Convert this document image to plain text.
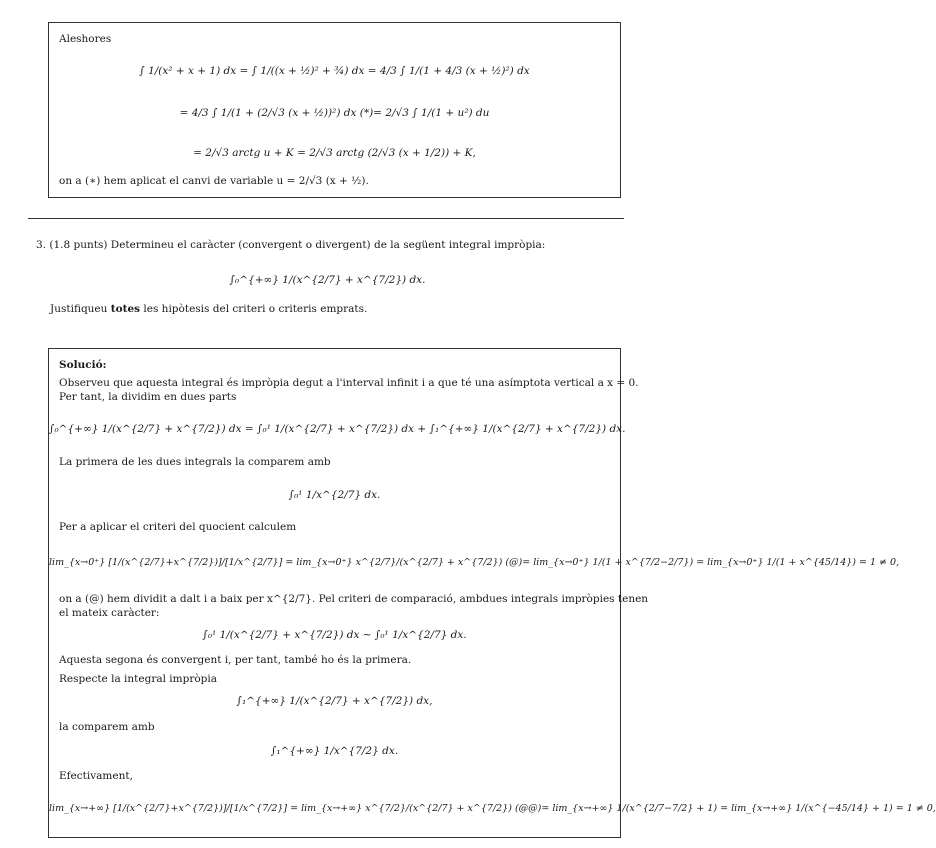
Aleshores
∫ 1/(x² + x + 1) dx = ∫ 1/((x + ½)² + ¾) dx = 4/3 ∫ 1/(1 + 4/3 (x + ½)²) dx
= 4/3 ∫ 1/(1 + (2/√3 (x + ½))²) dx (*)= 2/√3 ∫ 1/(1 + u²) du
= 2/√3 arctg u + K = 2/√3 arctg (2/√3 (x + 1/2)) + K,
on a (∗) hem aplicat el canvi de variable u = 2/√3 (x + ½).
3. (1.8 punts) Determineu el caràcter (convergent o divergent) de la següent integral impròpia:
∫₀^{+∞} 1/(x^{2/7} + x^{7/2}) dx.
Justifiqueu totes les hipòtesis del criteri o criteris emprats.
Solució:
Observeu que aquesta integral és impròpia degut a l'interval infinit i a que té una asímptota vertical a x = 0.
Per tant, la dividim en dues parts
∫₀^{+∞} 1/(x^{2/7} + x^{7/2}) dx = ∫₀¹ 1/(x^{2/7} + x^{7/2}) dx + ∫₁^{+∞} 1/(x^{2/7} + x^{7/2}) dx.
La primera de les dues integrals la comparem amb
∫₀¹ 1/x^{2/7} dx.
Per a aplicar el criteri del quocient calculem
lim_{x→0⁺} [1/(x^{2/7}+x^{7/2})]/[1/x^{2/7}] = lim_{x→0⁺} x^{2/7}/(x^{2/7} + x^{7/2}) (@)= lim_{x→0⁺} 1/(1 + x^{7/2−2/7}) = lim_{x→0⁺} 1/(1 + x^{45/14}) = 1 ≠ 0,
on a (@) hem dividit a dalt i a baix per x^{2/7}. Pel criteri de comparació, ambdues integrals impròpies tenen
el mateix caràcter:
∫₀¹ 1/(x^{2/7} + x^{7/2}) dx ∼ ∫₀¹ 1/x^{2/7} dx.
Aquesta segona és convergent i, per tant, també ho és la primera.
Respecte la integral impròpia
∫₁^{+∞} 1/(x^{2/7} + x^{7/2}) dx,
la comparem amb
∫₁^{+∞} 1/x^{7/2} dx.
Efectivament,
lim_{x→+∞} [1/(x^{2/7}+x^{7/2})]/[1/x^{7/2}] = lim_{x→+∞} x^{7/2}/(x^{2/7} + x^{7/2}) (@@)= lim_{x→+∞} 1/(x^{2/7−7/2} + 1) = lim_{x→+∞} 1/(x^{−45/14} + 1) = 1 ≠ 0,
